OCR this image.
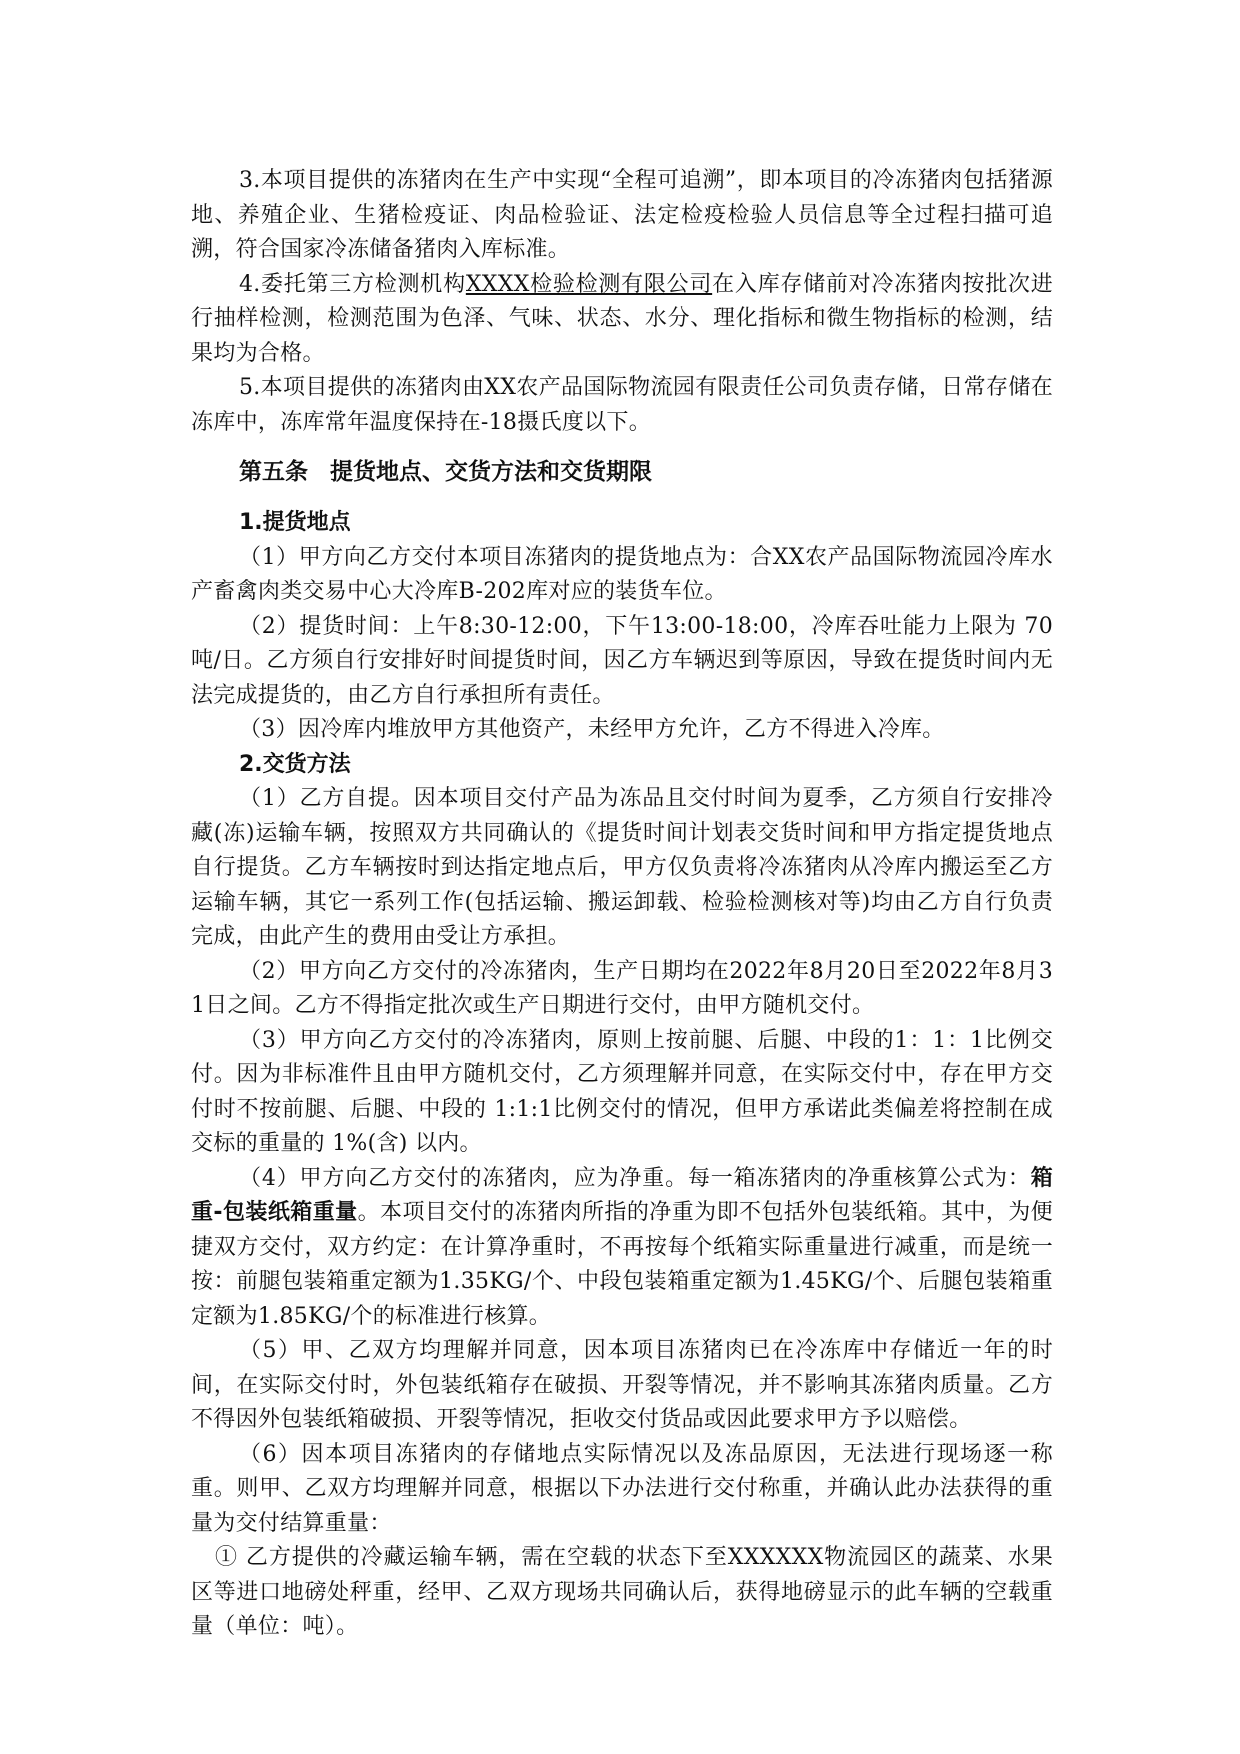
3.本项目提供的冻猪肉在生产中实现“全程可追溯”，即本项目的冷冻猪肉包括猪源地、养殖企业、生猪检疫证、肉品检验证、法定检疫检验人员信息等全过程扫描可追溯，符合国家冷冻储备猪肉入库标准。

4.委托第三方检测机构XXXX检验检测有限公司在入库存储前对冷冻猪肉按批次进行抽样检测，检测范围为色泽、气味、状态、水分、理化指标和微生物指标的检测，结果均为合格。

5.本项目提供的冻猪肉由XX农产品国际物流园有限责任公司负责存储，日常存储在冻库中，冻库常年温度保持在-18摄氏度以下。

第五条 提货地点、交货方法和交货期限

1.提货地点

（1）甲方向乙方交付本项目冻猪肉的提货地点为：合XX农产品国际物流园冷库水产畜禽肉类交易中心大冷库B-202库对应的装货车位。

（2）提货时间：上午8:30-12:00，下午13:00-18:00，冷库吞吐能力上限为 70 吨/日。乙方须自行安排好时间提货时间，因乙方车辆迟到等原因，导致在提货时间内无法完成提货的，由乙方自行承担所有责任。

（3）因冷库内堆放甲方其他资产，未经甲方允许，乙方不得进入冷库。

2.交货方法

（1）乙方自提。因本项目交付产品为冻品且交付时间为夏季，乙方须自行安排冷藏(冻)运输车辆，按照双方共同确认的《提货时间计划表交货时间和甲方指定提货地点自行提货。乙方车辆按时到达指定地点后，甲方仅负责将冷冻猪肉从冷库内搬运至乙方运输车辆，其它一系列工作(包括运输、搬运卸载、检验检测核对等)均由乙方自行负责完成，由此产生的费用由受让方承担。

（2）甲方向乙方交付的冷冻猪肉，生产日期均在2022年8月20日至2022年8月31日之间。乙方不得指定批次或生产日期进行交付，由甲方随机交付。

（3）甲方向乙方交付的冷冻猪肉，原则上按前腿、后腿、中段的1：1：1比例交付。因为非标准件且由甲方随机交付，乙方须理解并同意，在实际交付中，存在甲方交付时不按前腿、后腿、中段的 1:1:1比例交付的情况，但甲方承诺此类偏差将控制在成交标的重量的 1%(含) 以内。

（4）甲方向乙方交付的冻猪肉，应为净重。每一箱冻猪肉的净重核算公式为：箱重-包装纸箱重量。本项目交付的冻猪肉所指的净重为即不包括外包装纸箱。其中，为便捷双方交付，双方约定：在计算净重时，不再按每个纸箱实际重量进行减重，而是统一按：前腿包装箱重定额为1.35KG/个、中段包装箱重定额为1.45KG/个、后腿包装箱重定额为1.85KG/个的标准进行核算。

（5）甲、乙双方均理解并同意，因本项目冻猪肉已在冷冻库中存储近一年的时间，在实际交付时，外包装纸箱存在破损、开裂等情况，并不影响其冻猪肉质量。乙方不得因外包装纸箱破损、开裂等情况，拒收交付货品或因此要求甲方予以赔偿。

（6）因本项目冻猪肉的存储地点实际情况以及冻品原因，无法进行现场逐一称重。则甲、乙双方均理解并同意，根据以下办法进行交付称重，并确认此办法获得的重量为交付结算重量：

① 乙方提供的冷藏运输车辆，需在空载的状态下至XXXXXX物流园区的蔬菜、水果区等进口地磅处秤重，经甲、乙双方现场共同确认后，获得地磅显示的此车辆的空载重量（单位：吨）。
